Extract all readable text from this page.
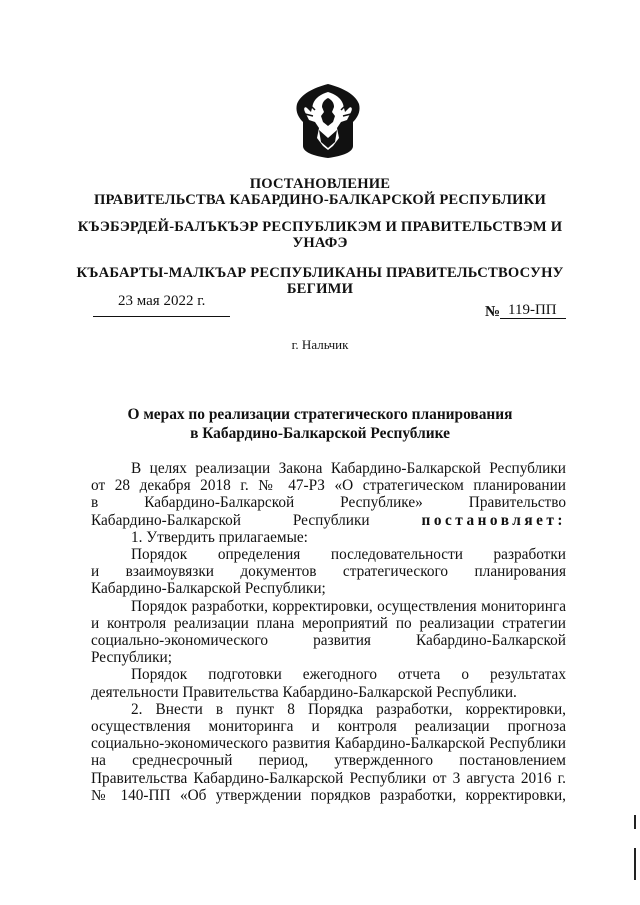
ПОСТАНОВЛЕНИЕ
ПРАВИТЕЛЬСТВА КАБАРДИНО-БАЛКАРСКОЙ РЕСПУБЛИКИ
КЪЭБЭРДЕЙ-БАЛЪКЪЭР РЕСПУБЛИКЭМ И ПРАВИТЕЛЬСТВЭМ И
УНАФЭ
КЪАБАРТЫ-МАЛКЪАР РЕСПУБЛИКАНЫ ПРАВИТЕЛЬСТВОСУНУ
БЕГИМИ
23 мая 2022 г.
№ 119-ПП
г. Нальчик
О мерах по реализации стратегического планирования
в Кабардино-Балкарской Республике

В целях реализации Закона Кабардино-Балкарской Республики

от 28 декабря 2018 г. № 47-РЗ «О стратегическом планировании

в Кабардино-Балкарской Республике» Правительство

Кабардино-Балкарской Республики	постановляет:

1. Утвердить прилагаемые:

Порядок определения последовательности разработки

и взаимоувязки документов стратегического планирования

Кабардино-Балкарской Республики;

Порядок разработки, корректировки, осуществления мониторинга

и контроля реализации плана мероприятий по реализации стратегии

социально-экономического развития Кабардино-Балкарской

Республики;

Порядок подготовки ежегодного отчета о результатах

деятельности Правительства Кабардино-Балкарской Республики.

2. Внести в пункт 8 Порядка разработки, корректировки,

осуществления мониторинга и контроля реализации прогноза

социально-экономического развития Кабардино-Балкарской Республики

на среднесрочный период, утвержденного постановлением

Правительства Кабардино-Балкарской Республики от 3 августа 2016 г.

№ 140-ПП «Об утверждении порядков разработки, корректировки,
